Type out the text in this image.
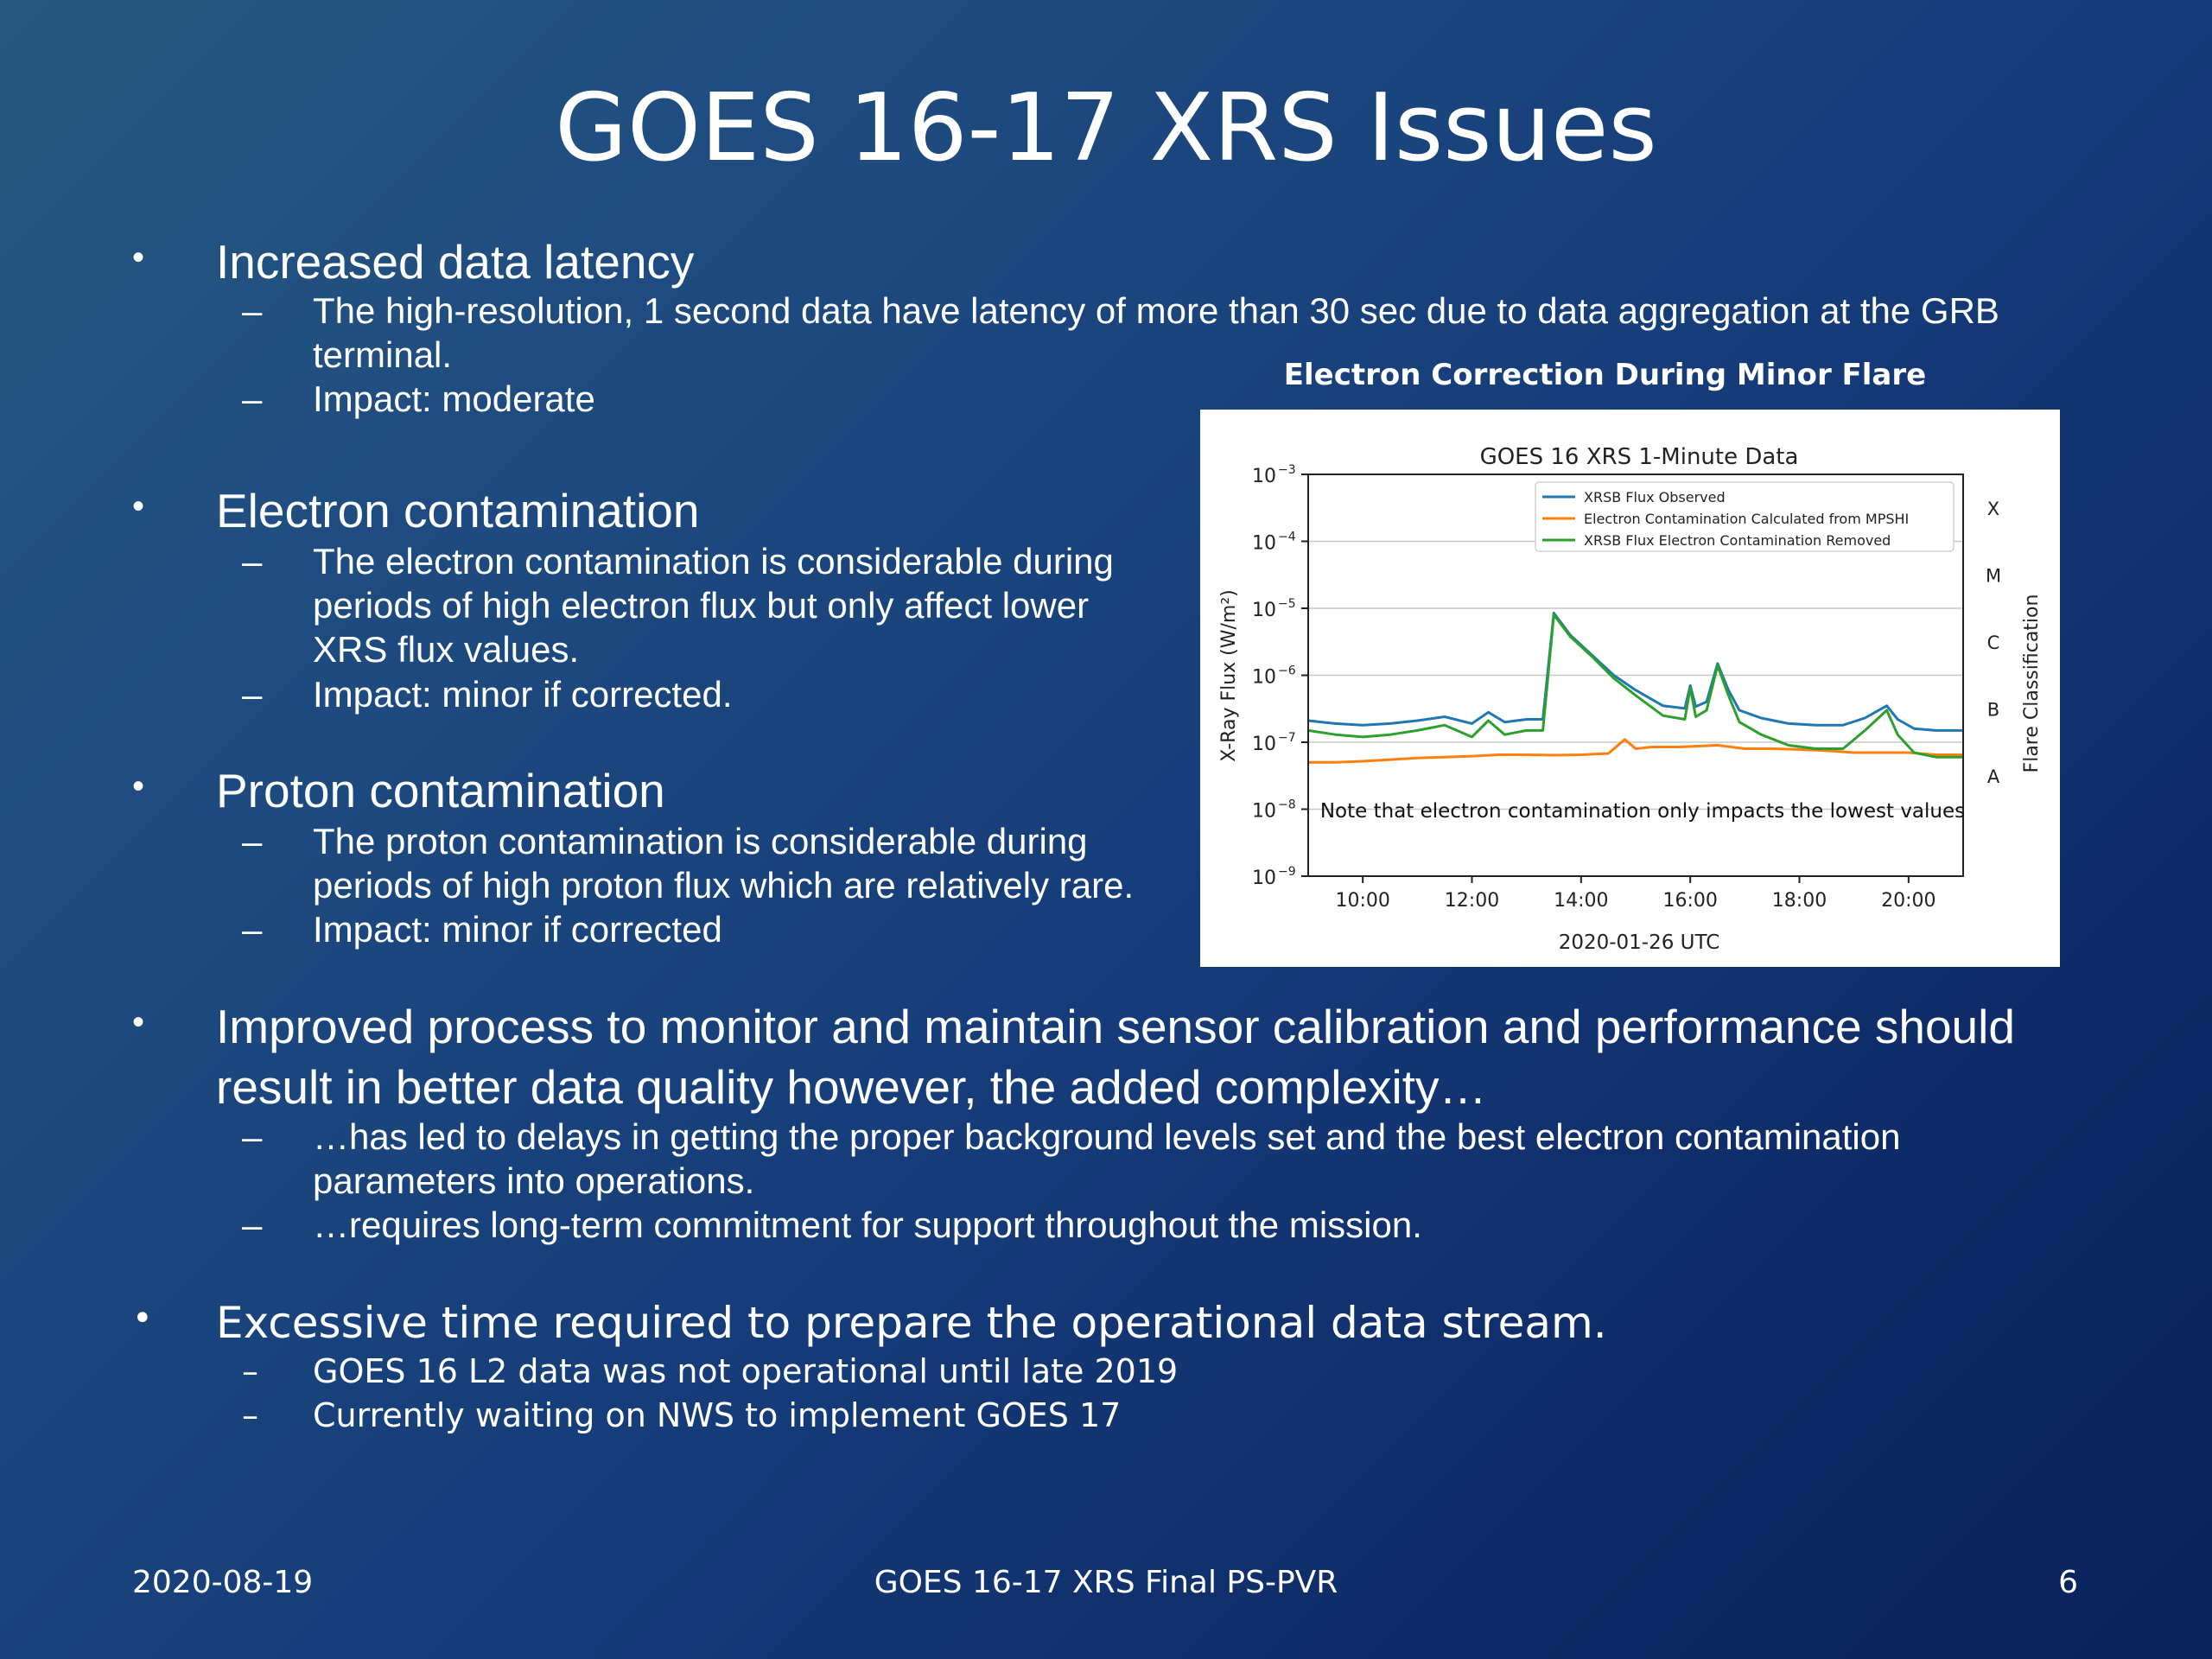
GOES 16-17 XRS Issues
• Increased data latency
– The high-resolution, 1 second data have latency of more than 30 sec due to data aggregation at the GRB terminal.
– Impact: moderate
• Electron contamination
– The electron contamination is considerable during periods of high electron flux but only affect lower XRS flux values.
– Impact: minor if corrected.
• Proton contamination
– The proton contamination is considerable during periods of high proton flux which are relatively rare.
– Impact: minor if corrected
• Improved process to monitor and maintain sensor calibration and performance should result in better data quality however, the added complexity…
– …has led to delays in getting the proper background levels set and the best electron contamination parameters into operations.
– …requires long-term commitment for support throughout the mission.
• Excessive time required to prepare the operational data stream.
– GOES 16 L2 data was not operational until late 2019
– Currently waiting on NWS to implement GOES 17
Electron Correction During Minor Flare
GOES 16 XRS 1-Minute Data
10 −9
10 −8
10 −7
10 −6
10 −5
10 −4
10 −3
10:00	12:00	14:00	16:00	18:00	20:00
A
B
C
M
X
2020-01-26 UTC
X-Ray Flux (W/m²)	Flare Classification
Note that electron contamination only impacts the lowest values
XRSB Flux Observed
Electron Contamination Calculated from MPSHI
XRSB Flux Electron Contamination Removed
2020-08-19	GOES 16-17 XRS Final PS-PVR	6
